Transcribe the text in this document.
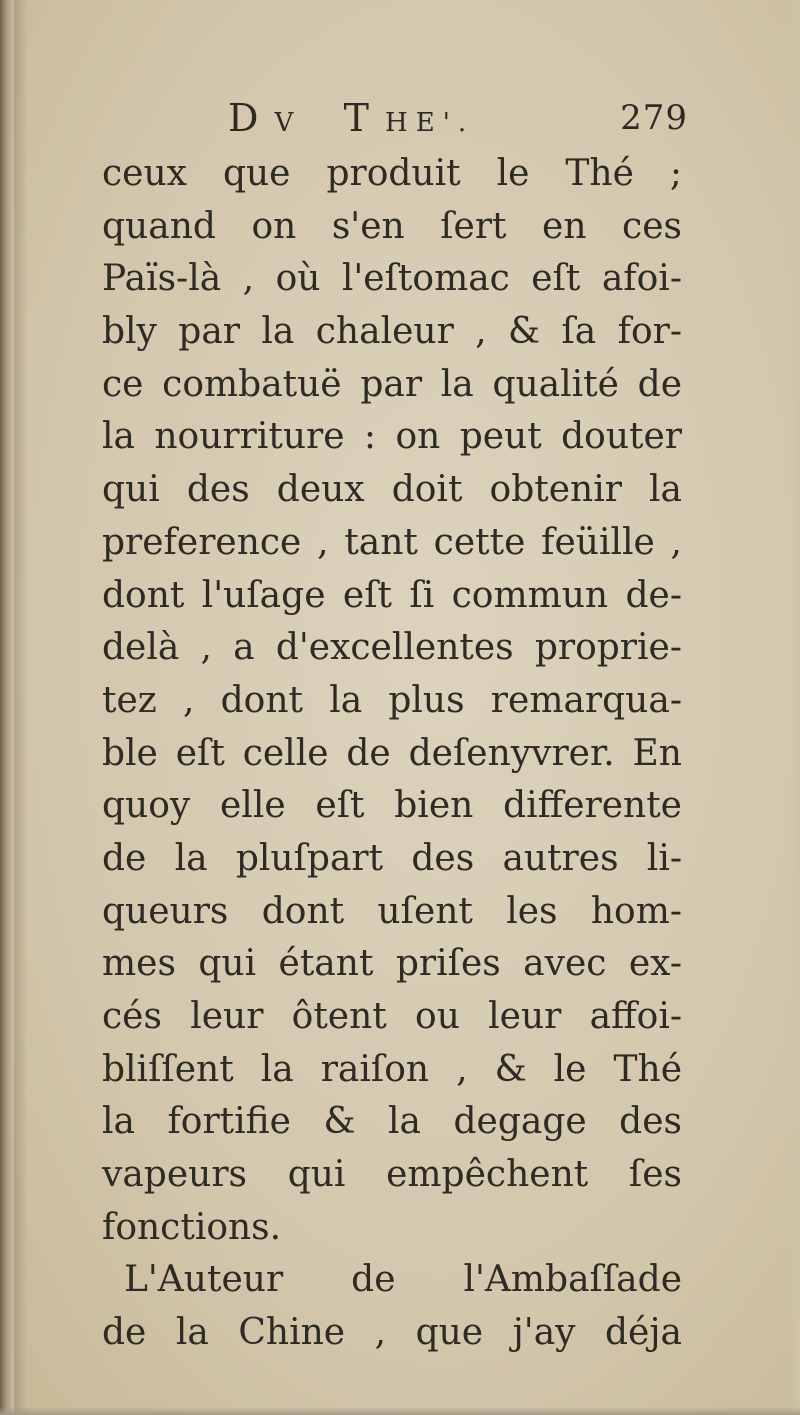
D V T HE'.	279
ceux que produit le Thé ;
quand on s'en ſert en ces
Païs-là , où l'eſtomac eſt afoi-
bly par la chaleur , & ſa for-
ce combatuë par la qualité de
la nourriture : on peut douter
qui des deux doit obtenir la
preference , tant cette feüille ,
dont l'uſage eſt ſi commun de-
delà , a d'excellentes proprie-
tez , dont la plus remarqua-
ble eſt celle de deſenyvrer. En
quoy elle eſt bien differente
de la pluſpart des autres li-
queurs dont uſent les hom-
mes qui étant priſes avec ex-
cés leur ôtent ou leur affoi-
bliſſent la raiſon , & le Thé
la fortifie & la degage des
vapeurs qui empêchent ſes
fonctions.
L'Auteur de l'Ambaſſade
de la Chine , que j'ay déja
